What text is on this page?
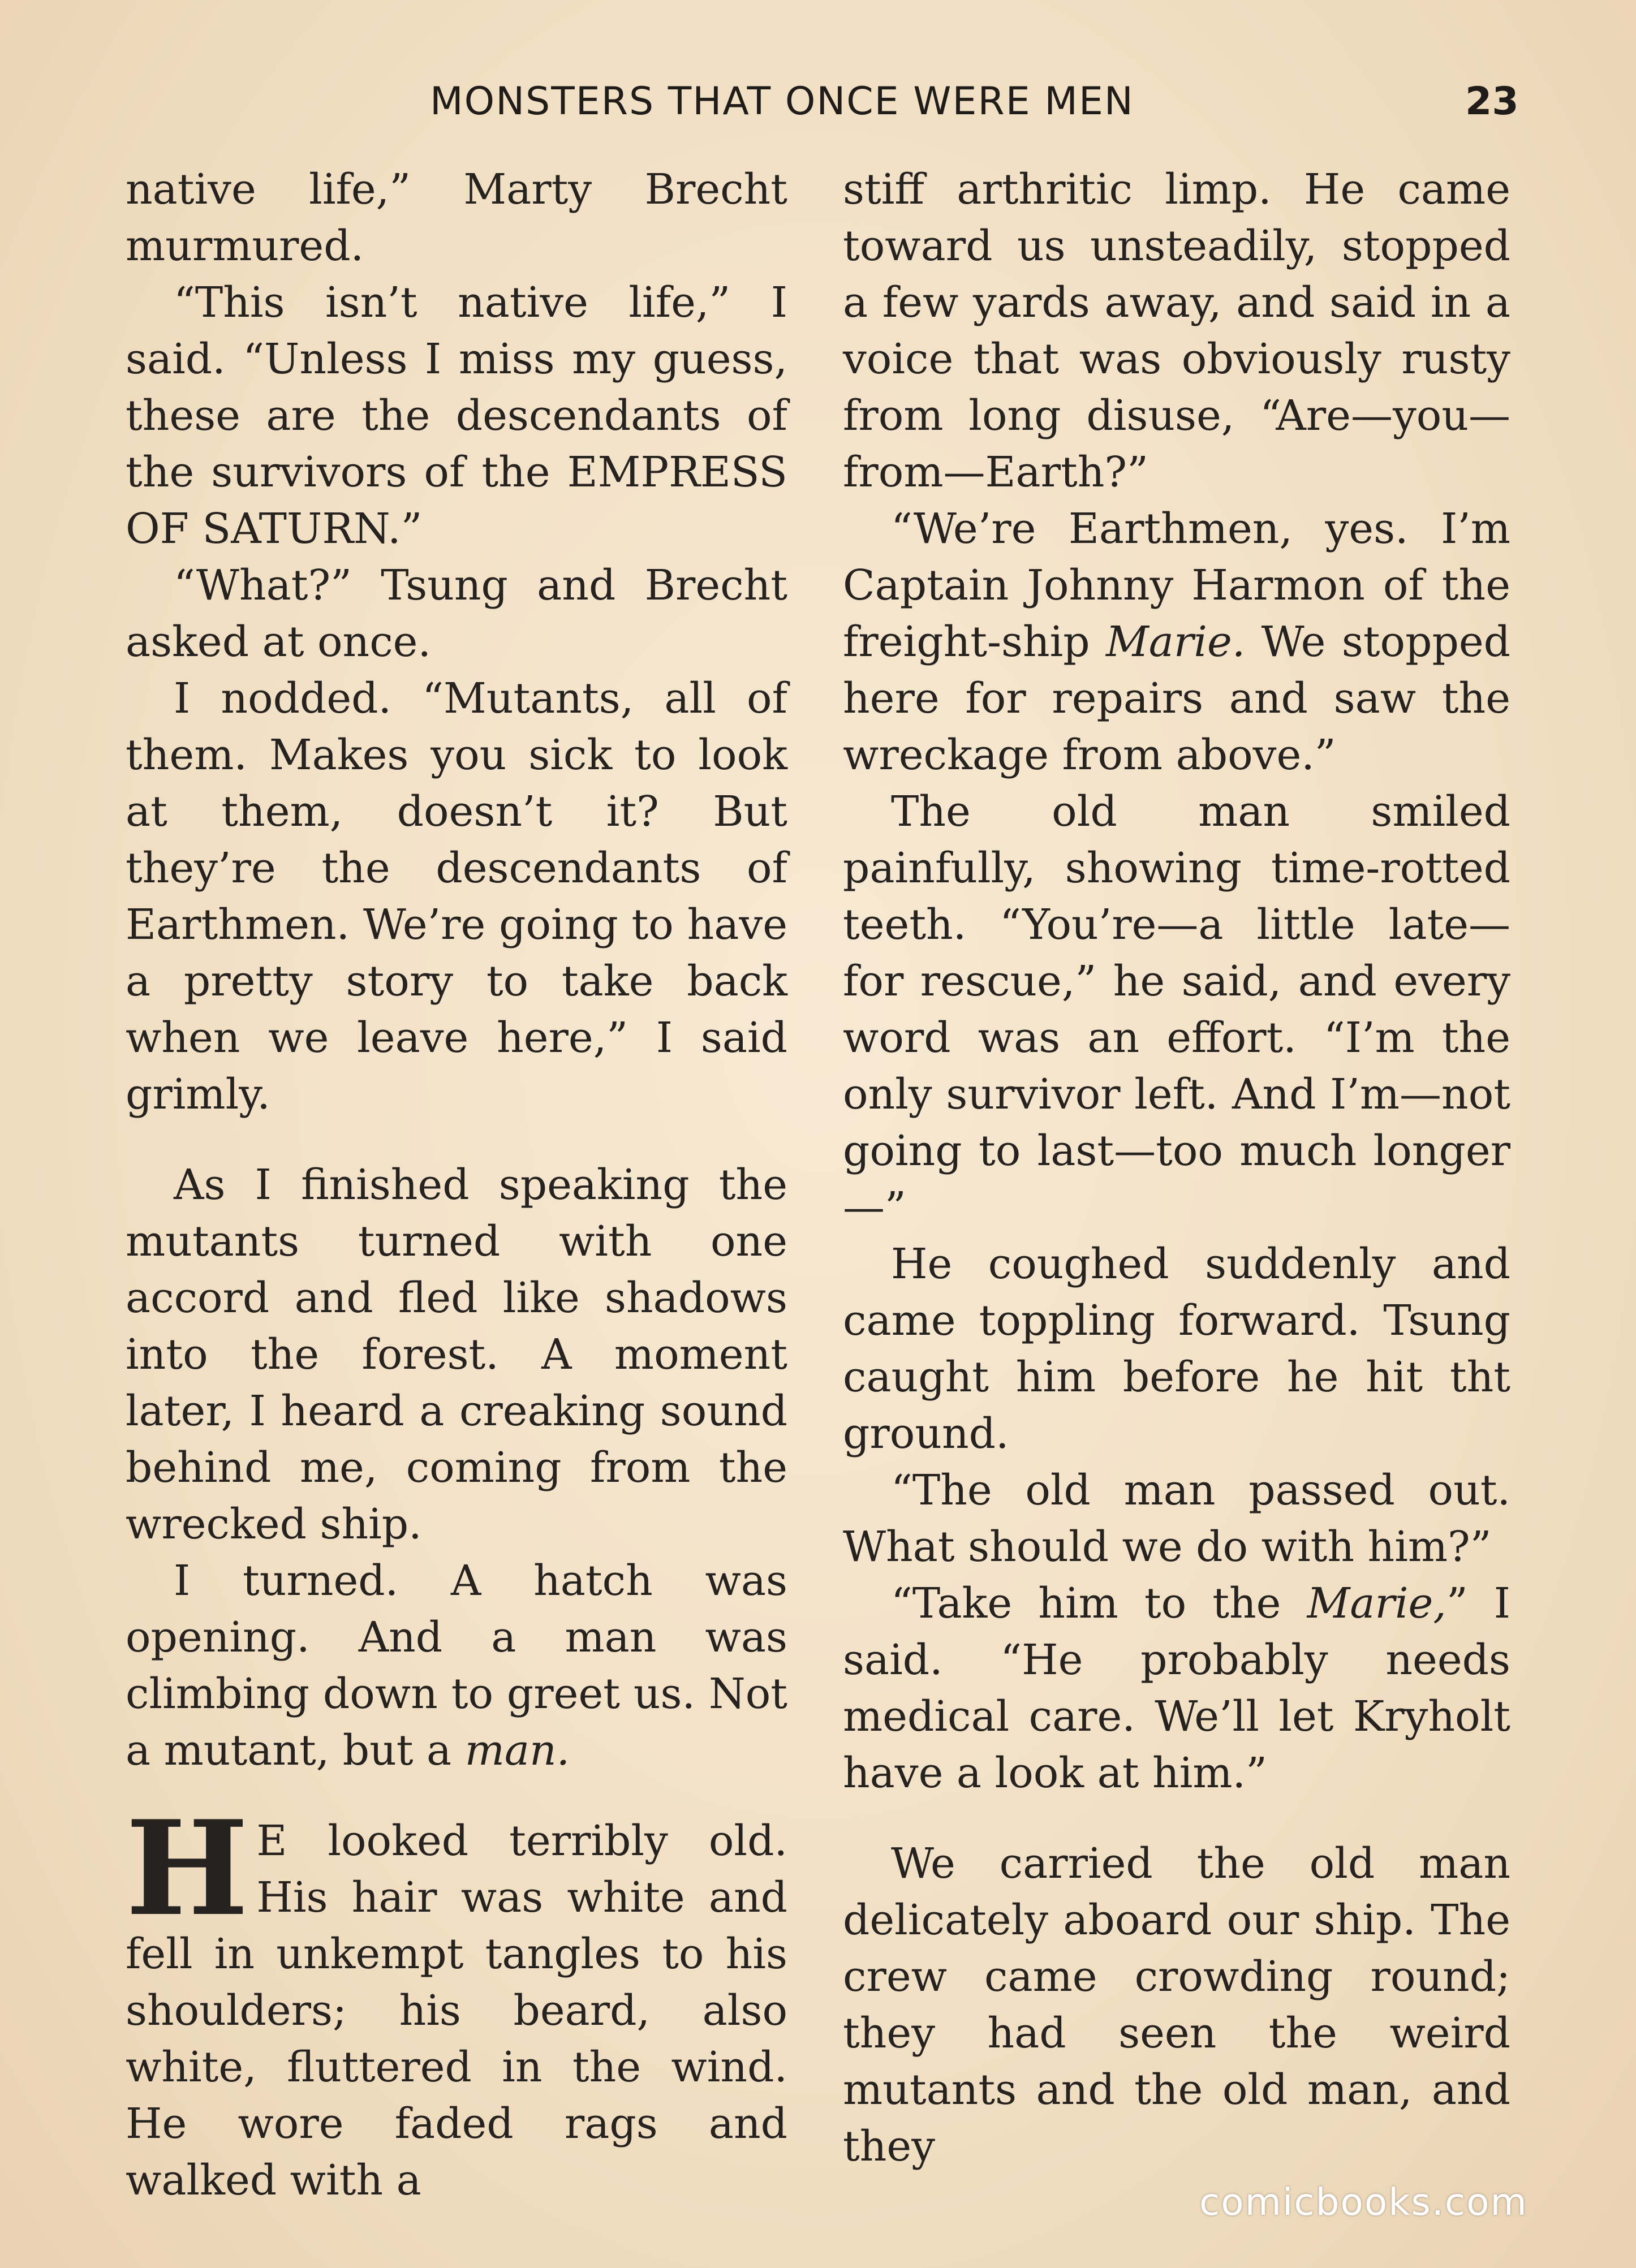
MONSTERS THAT ONCE WERE MEN	23

native life,” Marty Brecht murmured.

“This isn’t native life,” I said. “Unless I miss my guess, these are the descendants of the survivors of the EMPRESS OF SATURN.”

“What?” Tsung and Brecht asked at once.

I nodded. “Mutants, all of them. Makes you sick to look at them, doesn’t it? But they’re the descendants of Earthmen. We’re going to have a pretty story to take back when we leave here,” I said grimly.

As I finished speaking the mutants turned with one accord and fled like shadows into the forest. A moment later, I heard a creaking sound behind me, coming from the wrecked ship.

I turned. A hatch was opening. And a man was climbing down to greet us. Not a mutant, but a man.

H E looked terribly old. His hair was white and fell in unkempt tangles to his shoulders; his beard, also white, fluttered in the wind. He wore faded rags and walked with a

stiff arthritic limp. He came toward us unsteadily, stopped a few yards away, and said in a voice that was obviously rusty from long disuse, “Are—you—from—Earth?”

“We’re Earthmen, yes. I’m Captain Johnny Harmon of the freight-ship Marie. We stopped here for repairs and saw the wreckage from above.”

The old man smiled painfully, showing time-rotted teeth. “You’re—a little late—for rescue,” he said, and every word was an effort. “I’m the only survivor left. And I’m—not going to last—too much longer—”

He coughed suddenly and came toppling forward. Tsung caught him before he hit tht ground.

“The old man passed out. What should we do with him?”

“Take him to the Marie,” I said. “He probably needs medical care. We’ll let Kryholt have a look at him.”

We carried the old man delicately aboard our ship. The crew came crowding round; they had seen the weird mutants and the old man, and they

comicbooks.com
